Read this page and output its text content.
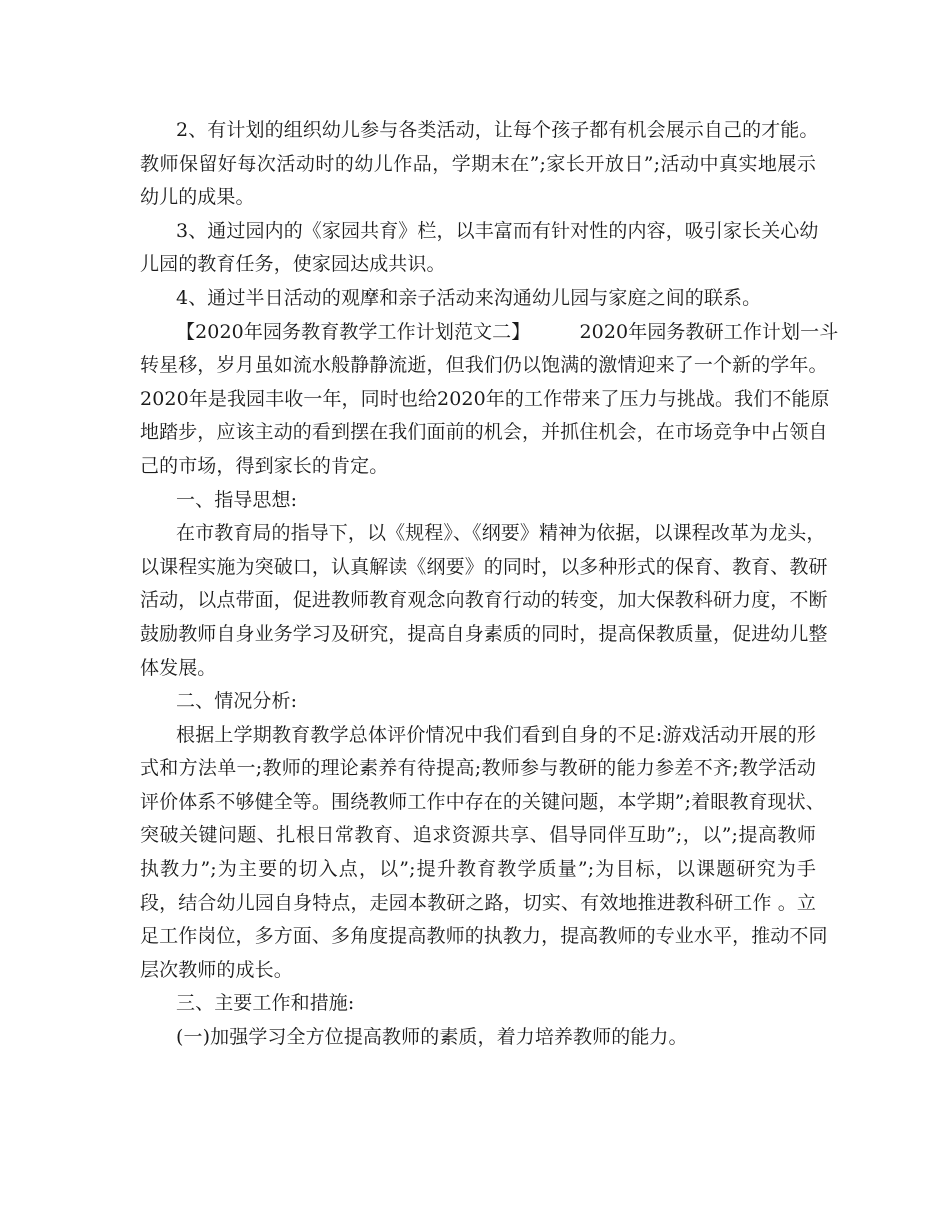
2、有计划的组织幼儿参与各类活动，让每个孩子都有机会展示自己的才能。
教师保留好每次活动时的幼儿作品，学期末在”;家长开放日”;活动中真实地展示
幼儿的成果。
3、通过园内的《家园共育》栏，以丰富而有针对性的内容，吸引家长关心幼
儿园的教育任务，使家园达成共识。
4、通过半日活动的观摩和亲子活动来沟通幼儿园与家庭之间的联系。
【2020年园务教育教学工作计划范文二】        2020年园务教研工作计划一斗
转星移，岁月虽如流水般静静流逝，但我们仍以饱满的激情迎来了一个新的学年。
2020年是我园丰收一年，同时也给2020年的工作带来了压力与挑战。我们不能原
地踏步，应该主动的看到摆在我们面前的机会，并抓住机会，在市场竞争中占领自
己的市场，得到家长的肯定。
一、指导思想:
在市教育局的指导下，以《规程》、《纲要》精神为依据，以课程改革为龙头，
以课程实施为突破口，认真解读《纲要》的同时，以多种形式的保育、教育、教研
活动，以点带面，促进教师教育观念向教育行动的转变，加大保教科研力度，不断
鼓励教师自身业务学习及研究，提高自身素质的同时，提高保教质量，促进幼儿整
体发展。
二、情况分析:
根据上学期教育教学总体评价情况中我们看到自身的不足:游戏活动开展的形
式和方法单一;教师的理论素养有待提高;教师参与教研的能力参差不齐;教学活动
评价体系不够健全等。围绕教师工作中存在的关键问题，本学期”;着眼教育现状、
突破关键问题、扎根日常教育、追求资源共享、倡导同伴互助”;，以”;提高教师
执教力”;为主要的切入点，以”;提升教育教学质量”;为目标，以课题研究为手
段，结合幼儿园自身特点，走园本教研之路，切实、有效地推进教科研工作 。立
足工作岗位，多方面、多角度提高教师的执教力，提高教师的专业水平，推动不同
层次教师的成长。
三、主要工作和措施:
(一)加强学习全方位提高教师的素质，着力培养教师的能力。
